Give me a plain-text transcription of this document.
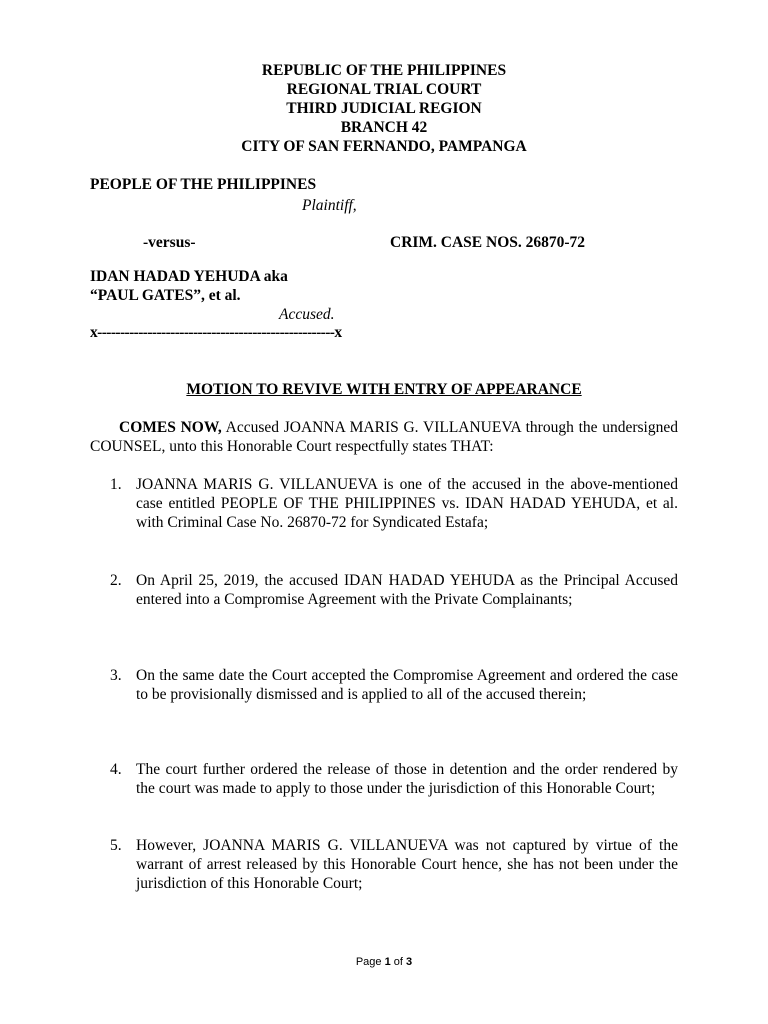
REPUBLIC OF THE PHILIPPINES
REGIONAL TRIAL COURT
THIRD JUDICIAL REGION
BRANCH 42
CITY OF SAN FERNANDO, PAMPANGA
PEOPLE OF THE PHILIPPINES
Plaintiff,
-versus-	CRIM. CASE NOS. 26870-72
IDAN HADAD YEHUDA aka
“PAUL GATES”, et al.
Accused.
x----------------------------------------------------x
MOTION TO REVIVE WITH ENTRY OF APPEARANCE
COMES NOW, Accused JOANNA MARIS G. VILLANUEVA through the undersigned COUNSEL, unto this Honorable Court respectfully states THAT:
1. JOANNA MARIS G. VILLANUEVA is one of the accused in the above-mentioned case entitled PEOPLE OF THE PHILIPPINES vs. IDAN HADAD YEHUDA, et al. with Criminal Case No. 26870-72 for Syndicated Estafa;
2. On April 25, 2019, the accused IDAN HADAD YEHUDA as the Principal Accused entered into a Compromise Agreement with the Private Complainants;
3. On the same date the Court accepted the Compromise Agreement and ordered the case to be provisionally dismissed and is applied to all of the accused therein;
4. The court further ordered the release of those in detention and the order rendered by the court was made to apply to those under the jurisdiction of this Honorable Court;
5. However, JOANNA MARIS G. VILLANUEVA was not captured by virtue of the warrant of arrest released by this Honorable Court hence, she has not been under the jurisdiction of this Honorable Court;
Page 1 of 3
